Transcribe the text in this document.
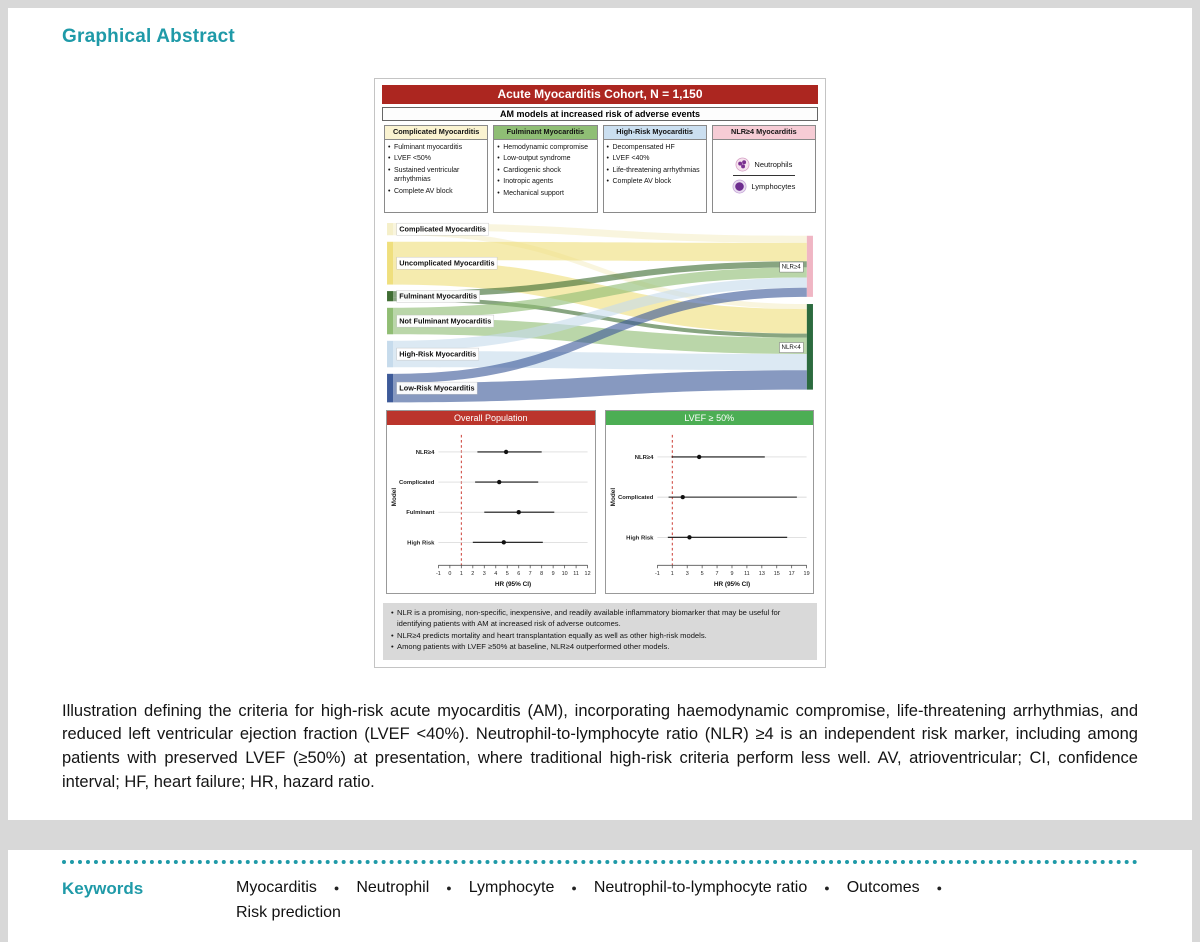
Graphical Abstract
Acute Myocarditis Cohort, N = 1,150
AM models at increased risk of adverse events
Complicated Myocarditis
• Fulminant myocarditis
• LVEF <50%
• Sustained ventricular arrhythmias
• Complete AV block
Fulminant Myocarditis
• Hemodynamic compromise
• Low-output syndrome
• Cardiogenic shock
• Inotropic agents
• Mechanical support
High-Risk Myocarditis
• Decompensated HF
• LVEF <40%
• Life-threatening arrhythmias
• Complete AV block
NLR≥4 Myocarditis
Neutrophils
Lymphocytes
Complicated Myocarditis
Uncomplicated Myocarditis
Fulminant Myocarditis
Not Fulminant Myocarditis
High-Risk Myocarditis
Low-Risk Myocarditis
NLR≥4
NLR<4
Overall Population
Model
NLR≥4
Complicated
Fulminant
High Risk
-1 0 1 2 3 4 5 6 7 8 9 10 11 12
HR (95% CI)
LVEF ≥ 50%
Model
NLR≥4
Complicated
High Risk
-1 1 3 5 7 9 11 13 15 17 19
HR (95% CI)
• NLR is a promising, non-specific, inexpensive, and readily available inflammatory biomarker that may be useful for identifying patients with AM at increased risk of adverse outcomes.
• NLR≥4 predicts mortality and heart transplantation equally as well as other high-risk models.
• Among patients with LVEF ≥50% at baseline, NLR≥4 outperformed other models.

Illustration defining the criteria for high-risk acute myocarditis (AM), incorporating haemodynamic compromise, life-threatening arrhythmias, and reduced left ventricular ejection fraction (LVEF <40%). Neutrophil-to-lymphocyte ratio (NLR) ≥4 is an independent risk marker, including among patients with preserved LVEF (≥50%) at presentation, where traditional high-risk criteria perform less well. AV, atrioventricular; CI, confidence interval; HF, heart failure; HR, hazard ratio.

Keywords	Myocarditis ● Neutrophil ● Lymphocyte ● Neutrophil-to-lymphocyte ratio ● Outcomes ●
Risk prediction
